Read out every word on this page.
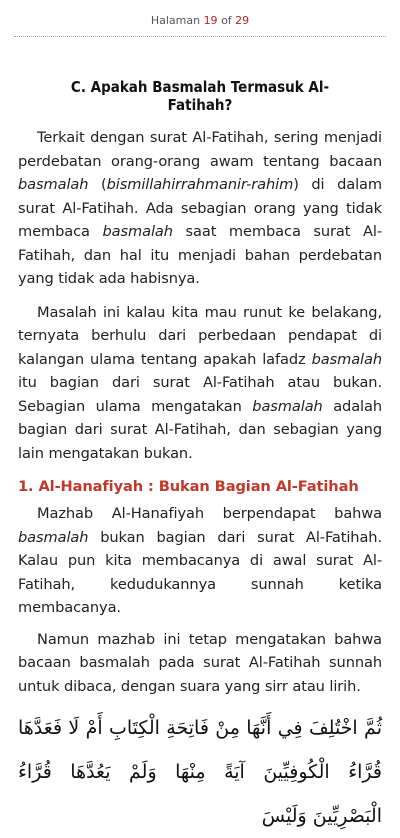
Halaman 19 of 29
C. Apakah Basmalah Termasuk Al-Fatihah?

Terkait dengan surat Al-Fatihah, sering menjadi perdebatan orang-orang awam tentang bacaan basmalah (bismillahirrahmanir-rahim) di dalam surat Al-Fatihah. Ada sebagian orang yang tidak membaca basmalah saat membaca surat Al-Fatihah, dan hal itu menjadi bahan perdebatan yang tidak ada habisnya.

Masalah ini kalau kita mau runut ke belakang, ternyata berhulu dari perbedaan pendapat di kalangan ulama tentang apakah lafadz basmalah itu bagian dari surat Al-Fatihah atau bukan. Sebagian ulama mengatakan basmalah adalah bagian dari surat Al-Fatihah, dan sebagian yang lain mengatakan bukan.

1. Al-Hanafiyah : Bukan Bagian Al-Fatihah

Mazhab Al-Hanafiyah berpendapat bahwa basmalah bukan bagian dari surat Al-Fatihah. Kalau pun kita membacanya di awal surat Al-Fatihah, kedudukannya sunnah ketika membacanya.

Namun mazhab ini tetap mengatakan bahwa bacaan basmalah pada surat Al-Fatihah sunnah untuk dibaca, dengan suara yang sirr atau lirih.

ثُمَّ اخْتُلِفَ فِي أَنَّهَا مِنْ فَاتِحَةِ الْكِتَابِ أَمْ لَا فَعَدَّهَا قُرَّاءُ الْكُوفِيِّينَ آيَةً مِنْهَا وَلَمْ يَعُدَّهَا قُرَّاءُ الْبَصْرِيِّينَ وَلَيْسَ
